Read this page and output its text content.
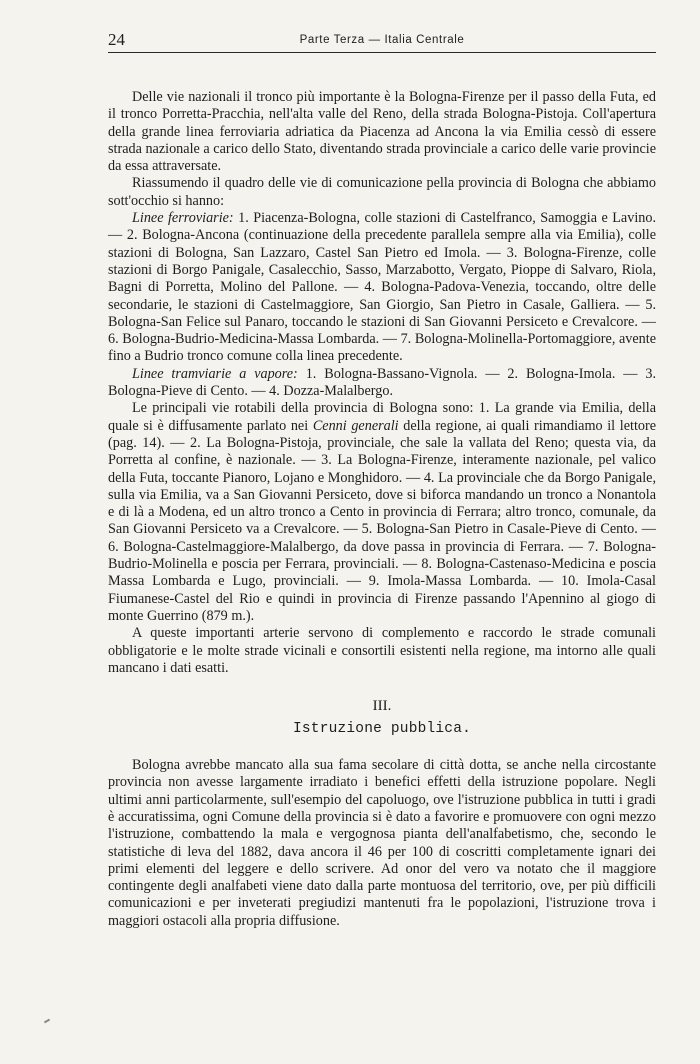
24	Parte Terza — Italia Centrale

Delle vie nazionali il tronco più importante è la Bologna-Firenze per il passo della Futa, ed il tronco Porretta-Pracchia, nell'alta valle del Reno, della strada Bologna-Pistoja. Coll'apertura della grande linea ferroviaria adriatica da Piacenza ad Ancona la via Emilia cessò di essere strada nazionale a carico dello Stato, diventando strada provinciale a carico delle varie provincie da essa attraversate.

Riassumendo il quadro delle vie di comunicazione pella provincia di Bologna che abbiamo sott'occhio si hanno:

Linee ferroviarie: 1. Piacenza-Bologna, colle stazioni di Castelfranco, Samoggia e Lavino. — 2. Bologna-Ancona (continuazione della precedente parallela sempre alla via Emilia), colle stazioni di Bologna, San Lazzaro, Castel San Pietro ed Imola. — 3. Bologna-Firenze, colle stazioni di Borgo Panigale, Casalecchio, Sasso, Marzabotto, Vergato, Pioppe di Salvaro, Riola, Bagni di Porretta, Molino del Pallone. — 4. Bologna-Padova-Venezia, toccando, oltre delle secondarie, le stazioni di Castelmaggiore, San Giorgio, San Pietro in Casale, Galliera. — 5. Bologna-San Felice sul Panaro, toccando le stazioni di San Giovanni Persiceto e Crevalcore. — 6. Bologna-Budrio-Medicina-Massa Lombarda. — 7. Bologna-Molinella-Portomaggiore, avente fino a Budrio tronco comune colla linea precedente.

Linee tramviarie a vapore: 1. Bologna-Bassano-Vignola. — 2. Bologna-Imola. — 3. Bologna-Pieve di Cento. — 4. Dozza-Malalbergo.

Le principali vie rotabili della provincia di Bologna sono: 1. La grande via Emilia, della quale si è diffusamente parlato nei Cenni generali della regione, ai quali rimandiamo il lettore (pag. 14). — 2. La Bologna-Pistoja, provinciale, che sale la vallata del Reno; questa via, da Porretta al confine, è nazionale. — 3. La Bologna-Firenze, interamente nazionale, pel valico della Futa, toccante Pianoro, Lojano e Monghidoro. — 4. La provinciale che da Borgo Panigale, sulla via Emilia, va a San Giovanni Persiceto, dove si biforca mandando un tronco a Nonantola e di là a Modena, ed un altro tronco a Cento in provincia di Ferrara; altro tronco, comunale, da San Giovanni Persiceto va a Crevalcore. — 5. Bologna-San Pietro in Casale-Pieve di Cento. — 6. Bologna-Castelmaggiore-Malalbergo, da dove passa in provincia di Ferrara. — 7. Bologna-Budrio-Molinella e poscia per Ferrara, provinciali. — 8. Bologna-Castenaso-Medicina e poscia Massa Lombarda e Lugo, provinciali. — 9. Imola-Massa Lombarda. — 10. Imola-Casal Fiumanese-Castel del Rio e quindi in provincia di Firenze passando l'Apennino al giogo di monte Guerrino (879 m.).

A queste importanti arterie servono di complemento e raccordo le strade comunali obbligatorie e le molte strade vicinali e consortili esistenti nella regione, ma intorno alle quali mancano i dati esatti.

III.
Istruzione pubblica.

Bologna avrebbe mancato alla sua fama secolare di città dotta, se anche nella circostante provincia non avesse largamente irradiato i benefici effetti della istruzione popolare. Negli ultimi anni particolarmente, sull'esempio del capoluogo, ove l'istruzione pubblica in tutti i gradi è accuratissima, ogni Comune della provincia si è dato a favorire e promuovere con ogni mezzo l'istruzione, combattendo la mala e vergognosa pianta dell'analfabetismo, che, secondo le statistiche di leva del 1882, dava ancora il 46 per 100 di coscritti completamente ignari dei primi elementi del leggere e dello scrivere. Ad onor del vero va notato che il maggiore contingente degli analfabeti viene dato dalla parte montuosa del territorio, ove, per più difficili comunicazioni e per inveterati pregiudizi mantenuti fra le popolazioni, l'istruzione trova i maggiori ostacoli alla propria diffusione.
